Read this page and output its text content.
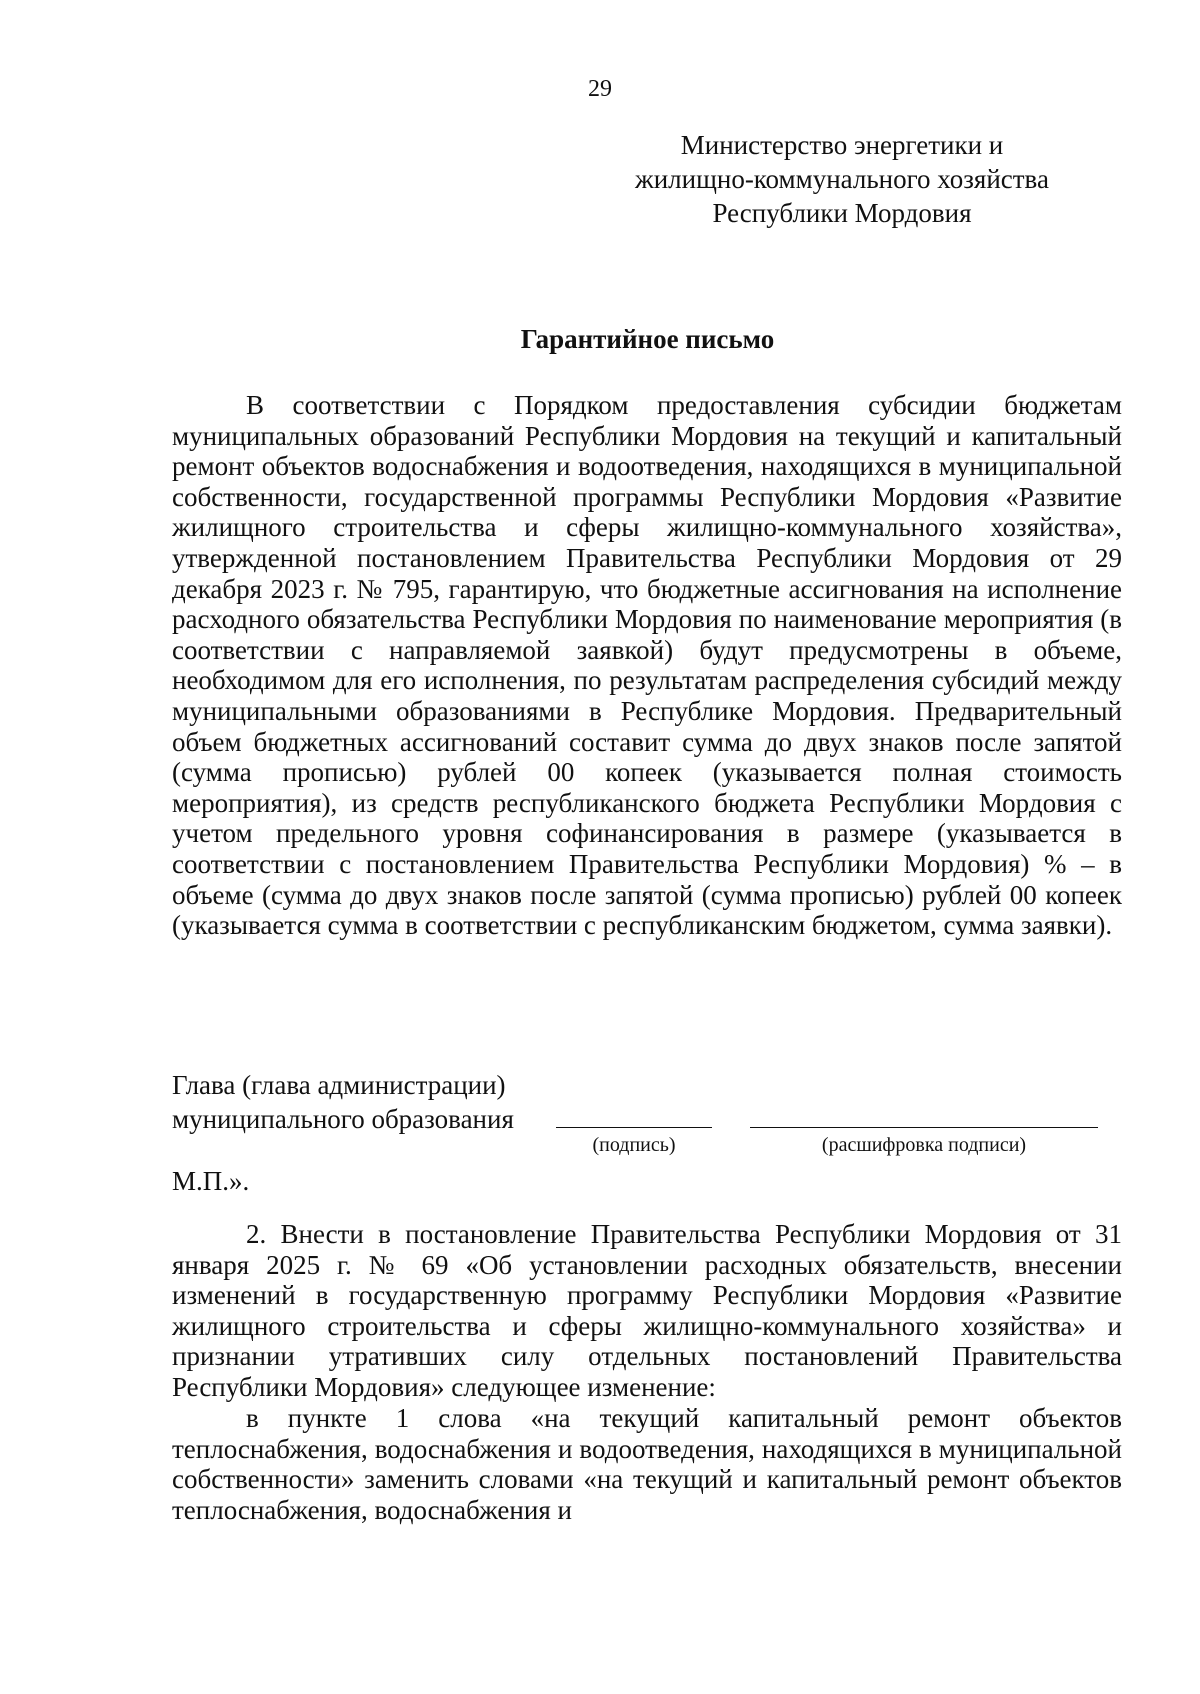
29
Министерство энергетики и
жилищно-коммунального хозяйства
Республики Мордовия
Гарантийное письмо
В соответствии с Порядком предоставления субсидии бюджетам муниципальных образований Республики Мордовия на текущий и капитальный ремонт объектов водоснабжения и водоотведения, находящихся в муниципальной собственности, государственной программы Республики Мордовия «Развитие жилищного строительства и сферы жилищно-коммунального хозяйства», утвержденной постановлением Правительства Республики Мордовия от 29 декабря 2023 г. № 795, гарантирую, что бюджетные ассигнования на исполнение расходного обязательства Республики Мордовия по наименование мероприятия (в соответствии с направляемой заявкой) будут предусмотрены в объеме, необходимом для его исполнения, по результатам распределения субсидий между муниципальными образованиями в Республике Мордовия. Предварительный объем бюджетных ассигнований составит сумма до двух знаков после запятой (сумма прописью) рублей 00 копеек (указывается полная стоимость мероприятия), из средств республиканского бюджета Республики Мордовия с учетом предельного уровня софинансирования в размере (указывается в соответствии с постановлением Правительства Республики Мордовия) % – в объеме (сумма до двух знаков после запятой (сумма прописью) рублей 00 копеек (указывается сумма в соответствии с республиканским бюджетом, сумма заявки).
Глава (глава администрации)
муниципального образования
(подпись)	(расшифровка подписи)
М.П.».
2. Внести в постановление Правительства Республики Мордовия от 31 января 2025 г. № 69 «Об установлении расходных обязательств, внесении изменений в государственную программу Республики Мордовия «Развитие жилищного строительства и сферы жилищно-коммунального хозяйства» и признании утративших силу отдельных постановлений Правительства Республики Мордовия» следующее изменение:
в пункте 1 слова «на текущий капитальный ремонт объектов теплоснабжения, водоснабжения и водоотведения, находящихся в муниципальной собственности» заменить словами «на текущий и капитальный ремонт объектов теплоснабжения, водоснабжения и
